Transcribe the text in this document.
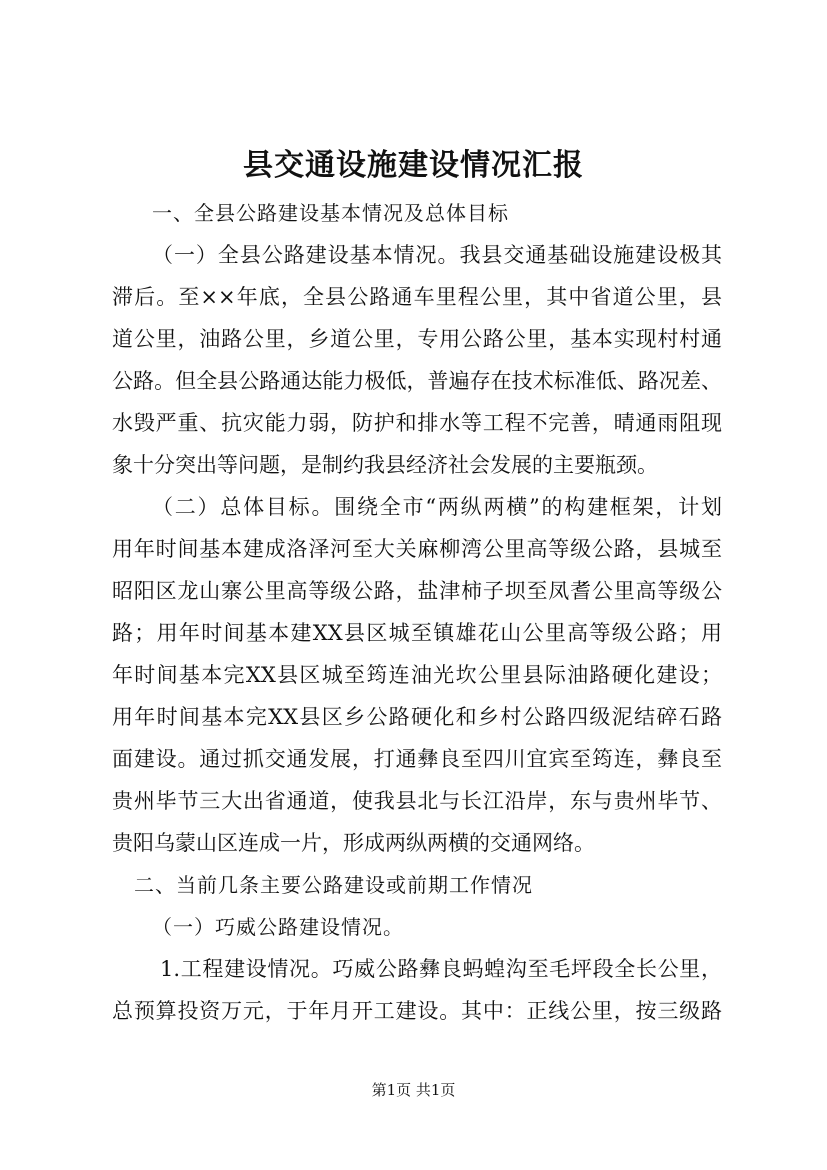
县交通设施建设情况汇报
一、全县公路建设基本情况及总体目标
（一）全县公路建设基本情况。我县交通基础设施建设极其
滞后。至××年底，全县公路通车里程公里，其中省道公里，县
道公里，油路公里，乡道公里，专用公路公里，基本实现村村通
公路。但全县公路通达能力极低，普遍存在技术标准低、路况差、
水毁严重、抗灾能力弱，防护和排水等工程不完善，晴通雨阻现
象十分突出等问题，是制约我县经济社会发展的主要瓶颈。
（二）总体目标。围绕全市“两纵两横”的构建框架，计划
用年时间基本建成洛泽河至大关麻柳湾公里高等级公路，县城至
昭阳区龙山寨公里高等级公路，盐津柿子坝至凤耆公里高等级公
路；用年时间基本建XX县区城至镇雄花山公里高等级公路；用
年时间基本完XX县区城至筠连油光坎公里县际油路硬化建设；
用年时间基本完XX县区乡公路硬化和乡村公路四级泥结碎石路
面建设。通过抓交通发展，打通彝良至四川宜宾至筠连，彝良至
贵州毕节三大出省通道，使我县北与长江沿岸，东与贵州毕节、
贵阳乌蒙山区连成一片，形成两纵两横的交通网络。
二、当前几条主要公路建设或前期工作情况
（一）巧威公路建设情况。
1.工程建设情况。巧威公路彝良蚂蝗沟至毛坪段全长公里，
总预算投资万元，于年月开工建设。其中：正线公里，按三级路
第1页 共1页
